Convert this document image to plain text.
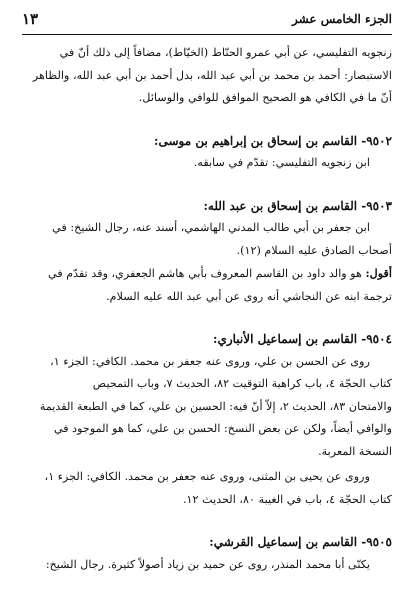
الجزء الخامس عشر
١٣

زنجويه التفليسي، عن أبي عمرو الحنّاط (الخيّاط)، مضافاً إلى ذلك أنّ في

الاستبصار: أحمد بن محمد بن أبي عبد الله، بدل أحمد بن أبي عبد الله، والظاهر

أنّ ما في الكافي هو الصحيح الموافق للوافي والوسائل.

٩٥٠٢- القاسم بن إسحاق بن إبراهيم بن موسى:

ابن زنجويه التفليسي: تقدّم في سابقه.

٩٥٠٣- القاسم بن إسحاق بن عبد الله:

ابن جعفر بن أبي طالب المدني الهاشمي، أسند عنه، رجال الشيخ: في

أصحاب الصادق عليه السلام (١٢).

أقول: هو والد داود بن القاسم المعروف بأبي هاشم الجعفري، وقد تقدّم في

ترجمة ابنه عن النجاشي أنه روى عن أبي عبد الله عليه السلام.

٩٥٠٤- القاسم بن إسماعيل الأنباري:

روى عن الحسن بن علي، وروى عنه جعفر بن محمد. الكافي: الجزء ١،

كتاب الحجّة ٤، باب كراهية التوقيت ٨٢، الحديث ٧، وباب التمحيص

والامتحان ٨٣، الحديث ٢، إلاّ أنّ فيه: الحسين بن علي، كما في الطبعة القديمة

والوافي أيضاً، ولكن عن بعض النسخ: الحسن بن علي، كما هو الموجود في

النسخة المعربة.

وروى عن يحيى بن المثنى، وروى عنه جعفر بن محمد. الكافي: الجزء ١،

كتاب الحجّة ٤، باب في الغيبة ٨٠، الحديث ١٢.

٩٥٠٥- القاسم بن إسماعيل القرشي:

يكنّى أبا محمد المنذر، روى عن حميد بن زياد أصولاً كثيرة. رجال الشيخ:
